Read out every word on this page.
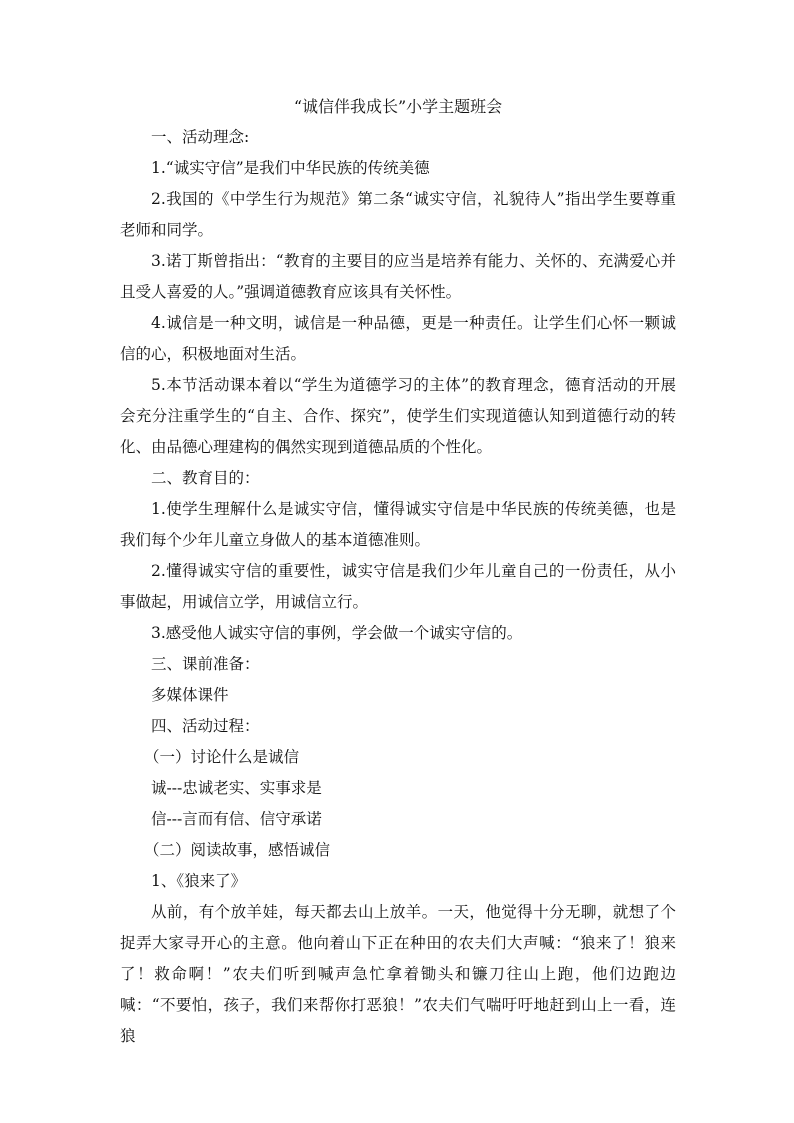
“诚信伴我成长”小学主题班会

一、活动理念:

1.“诚实守信”是我们中华民族的传统美德

2.我国的《中学生行为规范》第二条“诚实守信，礼貌待人”指出学生要尊重老师和同学。

3.诺丁斯曾指出：“教育的主要目的应当是培养有能力、关怀的、充满爱心并且受人喜爱的人。”强调道德教育应该具有关怀性。

4.诚信是一种文明，诚信是一种品德，更是一种责任。让学生们心怀一颗诚信的心，积极地面对生活。

5.本节活动课本着以“学生为道德学习的主体”的教育理念，德育活动的开展会充分注重学生的“自主、合作、探究”，使学生们实现道德认知到道德行动的转化、由品德心理建构的偶然实现到道德品质的个性化。

二、教育目的：

1.使学生理解什么是诚实守信，懂得诚实守信是中华民族的传统美德，也是我们每个少年儿童立身做人的基本道德准则。

2.懂得诚实守信的重要性，诚实守信是我们少年儿童自己的一份责任，从小事做起，用诚信立学，用诚信立行。

3.感受他人诚实守信的事例，学会做一个诚实守信的。

三、课前准备：

多媒体课件

四、活动过程：

（一）讨论什么是诚信

诚---忠诚老实、实事求是

信---言而有信、信守承诺

（二）阅读故事，感悟诚信

1、《狼来了》

从前，有个放羊娃，每天都去山上放羊。一天，他觉得十分无聊，就想了个捉弄大家寻开心的主意。他向着山下正在种田的农夫们大声喊：“狼来了！狼来了！救命啊！”农夫们听到喊声急忙拿着锄头和镰刀往山上跑，他们边跑边喊：“不要怕，孩子，我们来帮你打恶狼！”农夫们气喘吁吁地赶到山上一看，连狼
